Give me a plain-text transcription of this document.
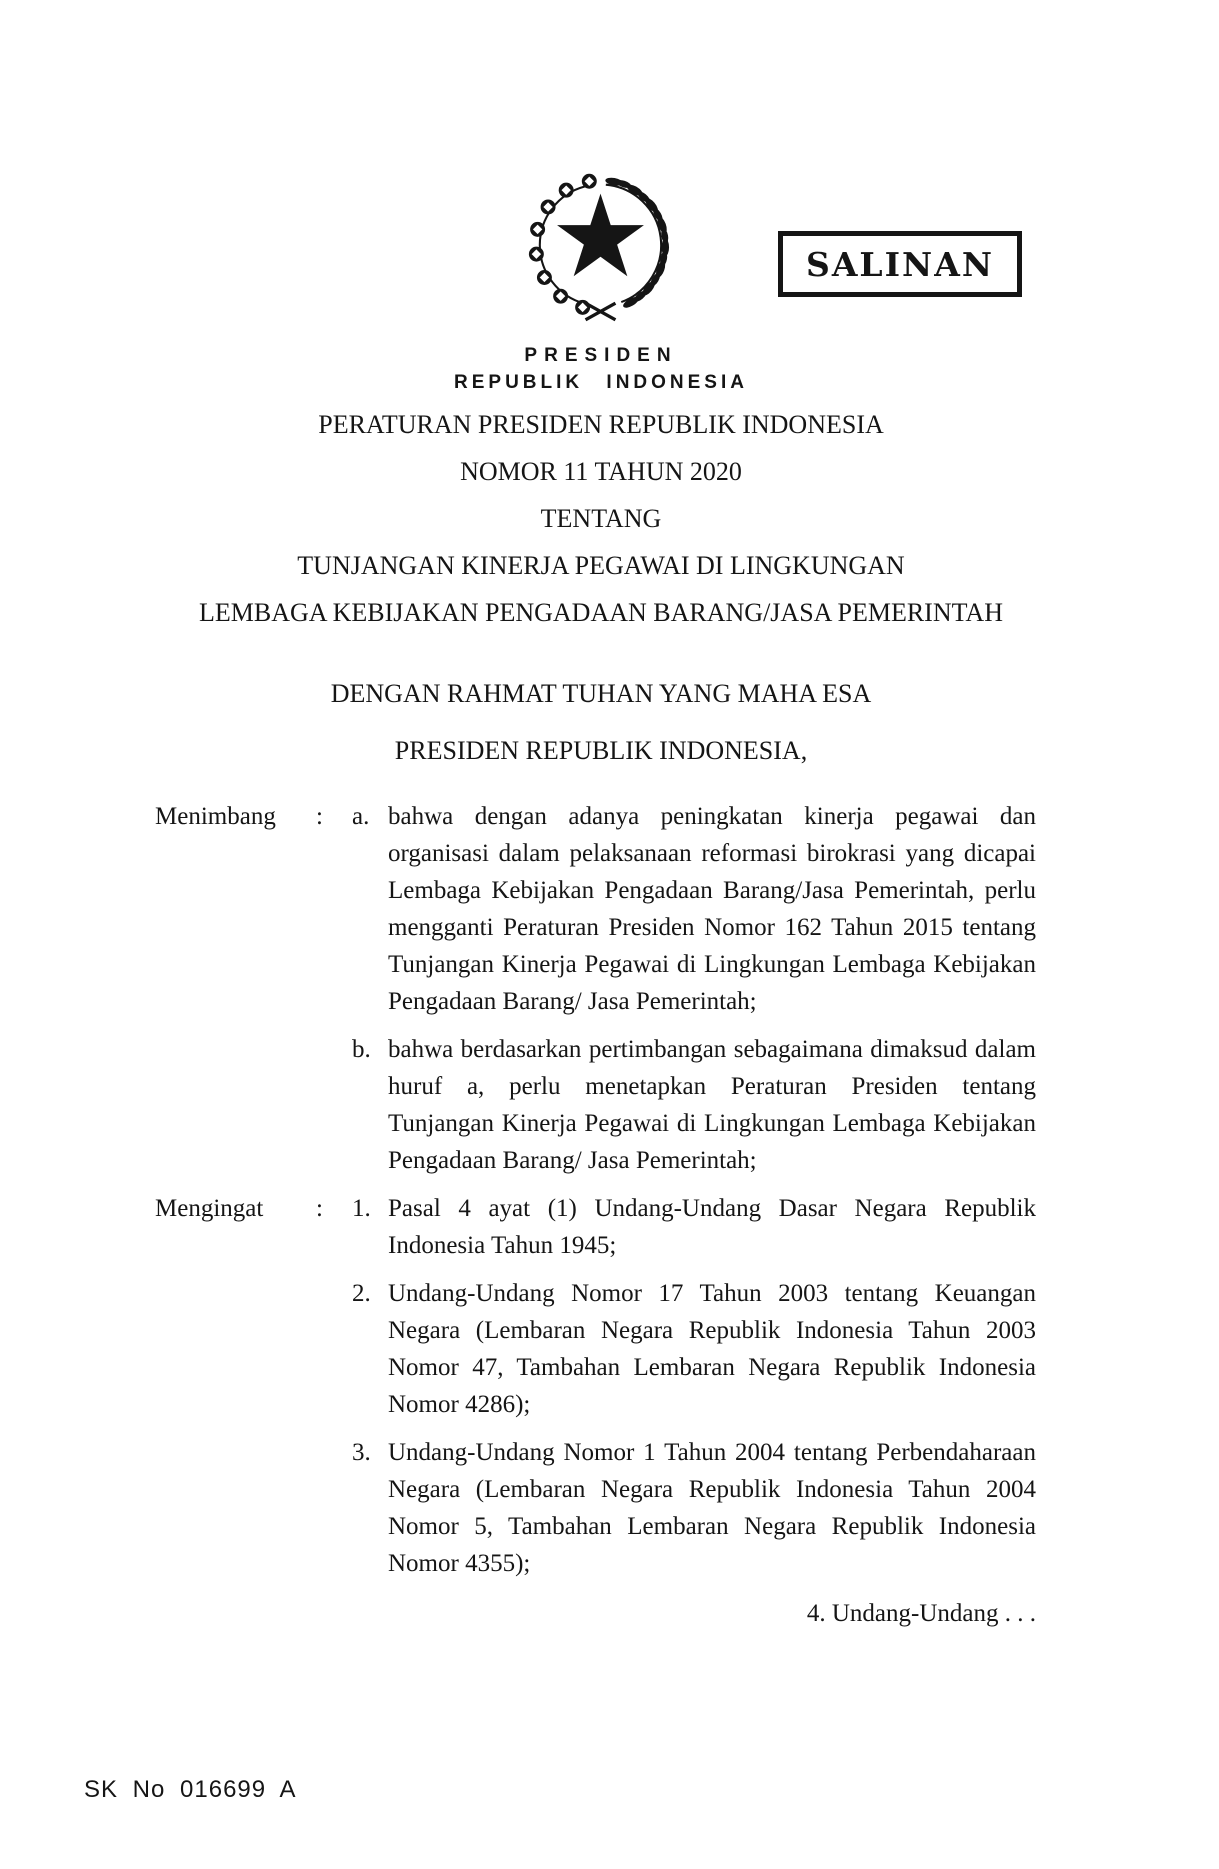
SALINAN
PRESIDEN
REPUBLIK INDONESIA
PERATURAN PRESIDEN REPUBLIK INDONESIA
NOMOR 11 TAHUN 2020
TENTANG
TUNJANGAN KINERJA PEGAWAI DI LINGKUNGAN
LEMBAGA KEBIJAKAN PENGADAAN BARANG/JASA PEMERINTAH
DENGAN RAHMAT TUHAN YANG MAHA ESA
PRESIDEN REPUBLIK INDONESIA,
Menimbang : a. bahwa dengan adanya peningkatan kinerja pegawai dan organisasi dalam pelaksanaan reformasi birokrasi yang dicapai Lembaga Kebijakan Pengadaan Barang/Jasa Pemerintah, perlu mengganti Peraturan Presiden Nomor 162 Tahun 2015 tentang Tunjangan Kinerja Pegawai di Lingkungan Lembaga Kebijakan Pengadaan Barang/ Jasa Pemerintah;
b. bahwa berdasarkan pertimbangan sebagaimana dimaksud dalam huruf a, perlu menetapkan Peraturan Presiden tentang Tunjangan Kinerja Pegawai di Lingkungan Lembaga Kebijakan Pengadaan Barang/ Jasa Pemerintah;
Mengingat : 1. Pasal 4 ayat (1) Undang-Undang Dasar Negara Republik Indonesia Tahun 1945;
2. Undang-Undang Nomor 17 Tahun 2003 tentang Keuangan Negara (Lembaran Negara Republik Indonesia Tahun 2003 Nomor 47, Tambahan Lembaran Negara Republik Indonesia Nomor 4286);
3. Undang-Undang Nomor 1 Tahun 2004 tentang Perbendaharaan Negara (Lembaran Negara Republik Indonesia Tahun 2004 Nomor 5, Tambahan Lembaran Negara Republik Indonesia Nomor 4355);
4. Undang-Undang . . .
SK No 016699 A
